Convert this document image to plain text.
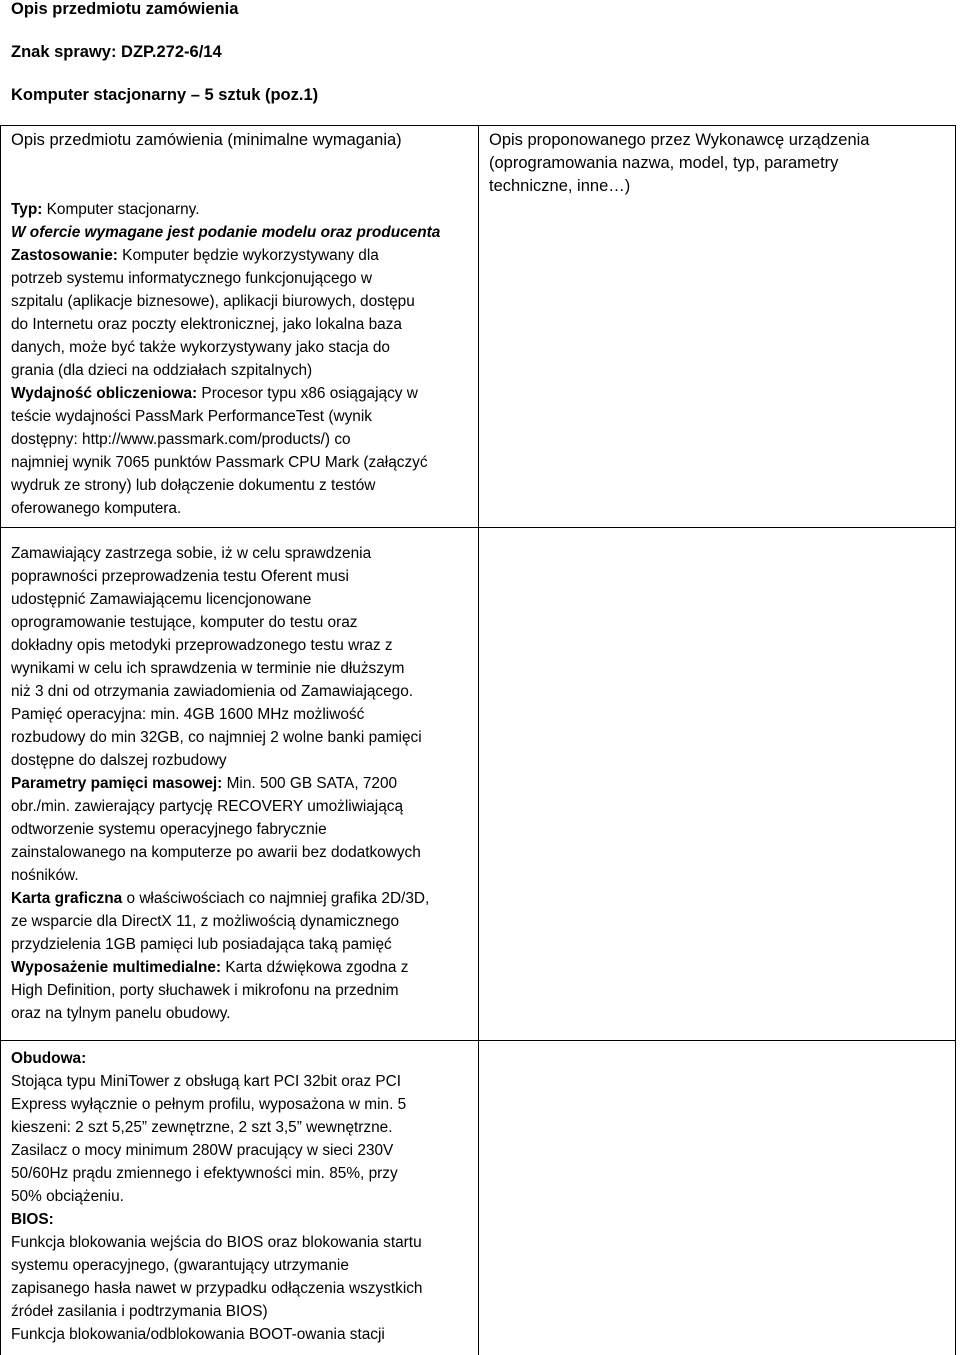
Opis przedmiotu zamówienia
Znak sprawy: DZP.272-6/14
Komputer stacjonarny – 5 sztuk (poz.1)
Opis przedmiotu zamówienia (minimalne wymagania)	Opis proponowanego przez Wykonawcę urządzenia
(oprogramowania nazwa, model, typ, parametry
techniczne, inne…)
Typ: Komputer stacjonarny.
W ofercie wymagane jest podanie modelu oraz producenta
Zastosowanie: Komputer będzie wykorzystywany dla
potrzeb systemu informatycznego funkcjonującego w
szpitalu (aplikacje biznesowe), aplikacji biurowych, dostępu
do Internetu oraz poczty elektronicznej, jako lokalna baza
danych, może być także wykorzystywany jako stacja do
grania (dla dzieci na oddziałach szpitalnych)
Wydajność obliczeniowa: Procesor typu x86 osiągający w
teście wydajności PassMark PerformanceTest (wynik
dostępny: http://www.passmark.com/products/) co
najmniej wynik 7065 punktów Passmark CPU Mark (załączyć
wydruk ze strony) lub dołączenie dokumentu z testów
oferowanego komputera.
Zamawiający zastrzega sobie, iż w celu sprawdzenia
poprawności przeprowadzenia testu Oferent musi
udostępnić Zamawiającemu licencjonowane
oprogramowanie testujące, komputer do testu oraz
dokładny opis metodyki przeprowadzonego testu wraz z
wynikami w celu ich sprawdzenia w terminie nie dłuższym
niż 3 dni od otrzymania zawiadomienia od Zamawiającego.
Pamięć operacyjna: min. 4GB 1600 MHz możliwość
rozbudowy do min 32GB, co najmniej 2 wolne banki pamięci
dostępne do dalszej rozbudowy
Parametry pamięci masowej: Min. 500 GB SATA, 7200
obr./min. zawierający partycję RECOVERY umożliwiającą
odtworzenie systemu operacyjnego fabrycznie
zainstalowanego na komputerze po awarii bez dodatkowych
nośników.
Karta graficzna o właściwościach co najmniej grafika 2D/3D,
ze wsparcie dla DirectX 11, z możliwością dynamicznego
przydzielenia 1GB pamięci lub posiadająca taką pamięć
Wyposażenie multimedialne: Karta dźwiękowa zgodna z
High Definition, porty słuchawek i mikrofonu na przednim
oraz na tylnym panelu obudowy.
Obudowa:
Stojąca typu MiniTower z obsługą kart PCI 32bit oraz PCI
Express wyłącznie o pełnym profilu, wyposażona w min. 5
kieszeni: 2 szt 5,25” zewnętrzne, 2 szt 3,5” wewnętrzne.
Zasilacz o mocy minimum 280W pracujący w sieci 230V
50/60Hz prądu zmiennego i efektywności min. 85%, przy
50% obciążeniu.
BIOS:
Funkcja blokowania wejścia do BIOS oraz blokowania startu
systemu operacyjnego, (gwarantujący utrzymanie
zapisanego hasła nawet w przypadku odłączenia wszystkich
źródeł zasilania i podtrzymania BIOS)
Funkcja blokowania/odblokowania BOOT-owania stacji
